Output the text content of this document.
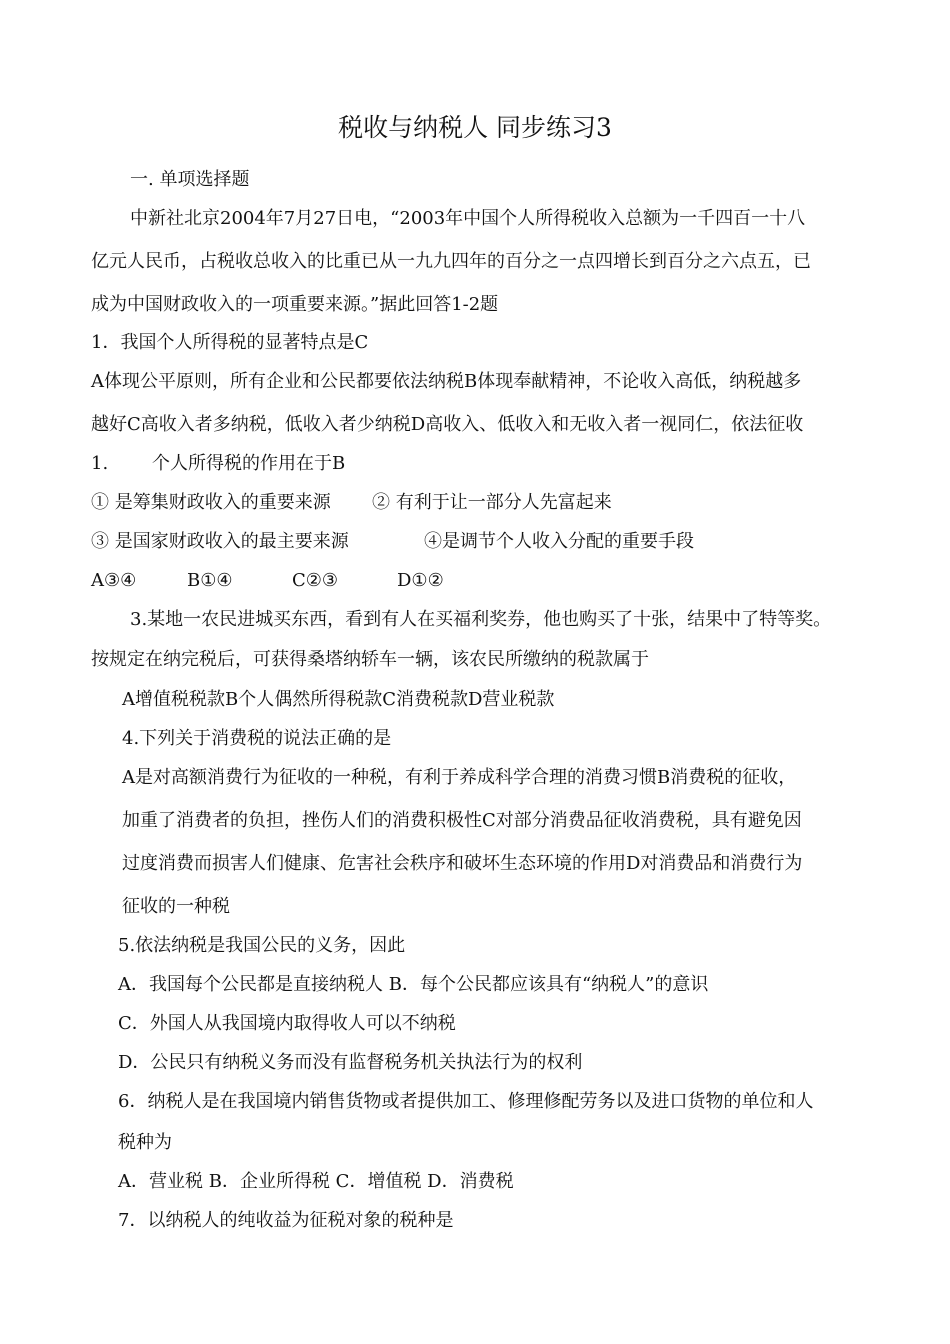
税收与纳税人 同步练习3
一. 单项选择题
中新社北京2004年7月27日电，“2003年中国个人所得税收入总额为一千四百一十八
亿元人民币，占税收总收入的比重已从一九九四年的百分之一点四增长到百分之六点五，已
成为中国财政收入的一项重要来源。”据此回答1-2题
1．我国个人所得税的显著特点是C
A体现公平原则，所有企业和公民都要依法纳税B体现奉献精神，不论收入高低，纳税越多
越好C高收入者多纳税，低收入者少纳税D高收入、低收入和无收入者一视同仁，依法征收
1. 个人所得税的作用在于B
① 是筹集财政收入的重要来源 ② 有利于让一部分人先富起来
③ 是国家财政收入的最主要来源	④是调节个人收入分配的重要手段
A③④	B①④	C②③	D①②
3.某地一农民进城买东西，看到有人在买福利奖券，他也购买了十张，结果中了特等奖。
按规定在纳完税后，可获得桑塔纳轿车一辆，该农民所缴纳的税款属于
A增值税税款B个人偶然所得税款C消费税款D营业税款
4.下列关于消费税的说法正确的是
A是对高额消费行为征收的一种税，有利于养成科学合理的消费习惯B消费税的征收，
加重了消费者的负担，挫伤人们的消费积极性C对部分消费品征收消费税，具有避免因
过度消费而损害人们健康、危害社会秩序和破坏生态环境的作用D对消费品和消费行为
征收的一种税
5.依法纳税是我国公民的义务，因此
A．我国每个公民都是直接纳税人 B．每个公民都应该具有“纳税人”的意识
C．外国人从我国境内取得收人可以不纳税
D．公民只有纳税义务而没有监督税务机关执法行为的权利
6．纳税人是在我国境内销售货物或者提供加工、修理修配劳务以及进口货物的单位和人
税种为
A．营业税 B．企业所得税 C．增值税 D．消费税
7．以纳税人的纯收益为征税对象的税种是
